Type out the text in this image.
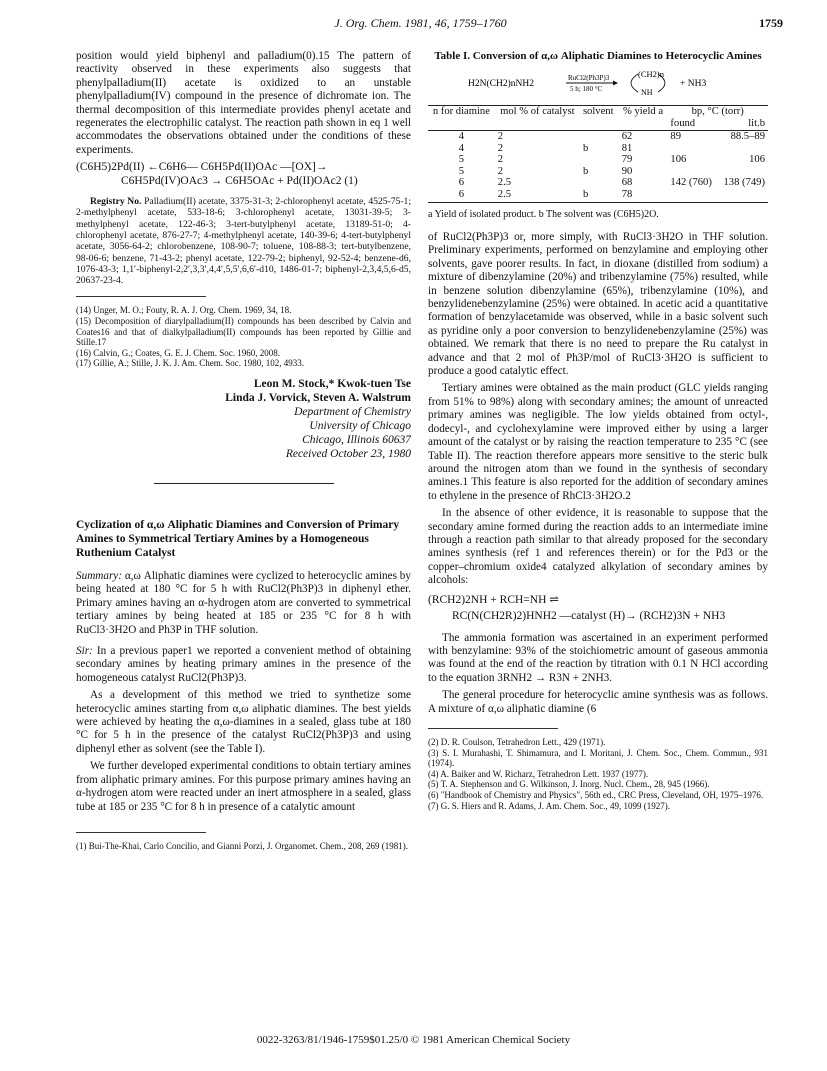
J. Org. Chem. 1981, 46, 1759–1760	1759

position would yield biphenyl and palladium(0).15 The pattern of reactivity observed in these experiments also suggests that phenylpalladium(II) acetate is oxidized to an unstable phenylpalladium(IV) compound in the presence of dichromate ion. The thermal decomposition of this intermediate provides phenyl acetate and regenerates the electrophilic catalyst. The reaction path shown in eq 1 well accommodates the observations obtained under the conditions of these experiments.

(C6H5)2Pd(II) ←C6H6— C6H5Pd(II)OAc —[OX]→
C6H5Pd(IV)OAc3 → C6H5OAc + Pd(II)OAc2 (1)

Registry No. Palladium(II) acetate, 3375-31-3; 2-chlorophenyl acetate, 4525-75-1; 2-methylphenyl acetate, 533-18-6; 3-chlorophenyl acetate, 13031-39-5; 3-methylphenyl acetate, 122-46-3; 3-tert-butylphenyl acetate, 13189-51-0; 4-chlorophenyl acetate, 876-27-7; 4-methylphenyl acetate, 140-39-6; 4-tert-butylphenyl acetate, 3056-64-2; chlorobenzene, 108-90-7; toluene, 108-88-3; tert-butylbenzene, 98-06-6; benzene, 71-43-2; phenyl acetate, 122-79-2; biphenyl, 92-52-4; benzene-d6, 1076-43-3; 1,1′-biphenyl-2,2′,3,3′,4,4′,5,5′,6,6′-d10, 1486-01-7; biphenyl-2,3,4,5,6-d5, 20637-23-4.

(14) Unger, M. O.; Fouty, R. A. J. Org. Chem. 1969, 34, 18.

(15) Decomposition of diarylpalladium(II) compounds has been described by Calvin and Coates16 and that of dialkylpalladium(II) compounds has been reported by Gillie and Stille.17

(16) Calvin, G.; Coates, G. E. J. Chem. Soc. 1960, 2008.

(17) Gillie, A.; Stille, J. K. J. Am. Chem. Soc. 1980, 102, 4933.

Leon M. Stock,* Kwok-tuen Tse
Linda J. Vorvick, Steven A. Walstrum
Department of Chemistry
University of Chicago
Chicago, Illinois 60637
Received October 23, 1980
Cyclization of α,ω Aliphatic Diamines and Conversion of Primary Amines to Symmetrical Tertiary Amines by a Homogeneous Ruthenium Catalyst

Summary: α,ω Aliphatic diamines were cyclized to heterocyclic amines by being heated at 180 °C for 5 h with RuCl2(Ph3P)3 in diphenyl ether. Primary amines having an α-hydrogen atom are converted to symmetrical tertiary amines by being heated at 185 or 235 °C for 8 h with RuCl3·3H2O and Ph3P in THF solution.

Sir: In a previous paper1 we reported a convenient method of obtaining secondary amines by heating primary amines in the presence of the homogeneous catalyst RuCl2(Ph3P)3.

As a development of this method we tried to synthetize some heterocyclic amines starting from α,ω aliphatic diamines. The best yields were achieved by heating the α,ω-diamines in a sealed, glass tube at 180 °C for 5 h in the presence of the catalyst RuCl2(Ph3P)3 and using diphenyl ether as solvent (see the Table I).

We further developed experimental conditions to obtain tertiary amines from aliphatic primary amines. For this purpose primary amines having an α-hydrogen atom were reacted under an inert atmosphere in a sealed, glass tube at 185 or 235 °C for 8 h in presence of a catalytic amount

(1) Bui-The-Khai, Carlo Concilio, and Gianni Porzi, J. Organomet. Chem., 208, 269 (1981).
Table I. Conversion of α,ω Aliphatic Diamines to Heterocyclic Amines
H2N(CH2)nNH2
RuCl2(Ph3P)3
5 h; 180 °C
(CH2)n
NH
+ NH3
n for diamine	mol % of catalyst	solvent	% yield a	bp, °C (torr)	
				found	lit.b
4	2		62	89	88.5–89
4	2	b	81		
5	2		79	106	106
5	2	b	90		
6	2.5		68	142 (760)	138 (749)
6	2.5	b	78		
a Yield of isolated product. b The solvent was (C6H5)2O.

of RuCl2(Ph3P)3 or, more simply, with RuCl3·3H2O in THF solution. Preliminary experiments, performed on benzylamine and employing other solvents, gave poorer results. In fact, in dioxane (distilled from sodium) a mixture of dibenzylamine (20%) and tribenzylamine (75%) resulted, while in benzene solution dibenzylamine (65%), tribenzylamine (10%), and benzylidenebenzylamine (25%) were obtained. In acetic acid a quantitative formation of benzylacetamide was observed, while in a basic solvent such as pyridine only a poor conversion to benzylidenebenzylamine (25%) was obtained. We remark that there is no need to prepare the Ru catalyst in advance and that 2 mol of Ph3P/mol of RuCl3·3H2O is sufficient to produce a good catalytic effect.

Tertiary amines were obtained as the main product (GLC yields ranging from 51% to 98%) along with secondary amines; the amount of unreacted primary amines was negligible. The low yields obtained from octyl-, dodecyl-, and cyclohexylamine were improved either by using a larger amount of the catalyst or by raising the reaction temperature to 235 °C (see Table II). The reaction therefore appears more sensitive to the steric bulk around the nitrogen atom than we found in the synthesis of secondary amines.1 This feature is also reported for the addition of secondary amines to ethylene in the presence of RhCl3·3H2O.2

In the absence of other evidence, it is reasonable to suppose that the secondary amine formed during the reaction adds to an intermediate imine through a reaction path similar to that already proposed for the secondary amines synthesis (ref 1 and references therein) or for the Pd3 or the copper–chromium oxide4 catalyzed alkylation of secondary amines by alcohols:

(RCH2)2NH + RCH=NH ⇌
RC(N(CH2R)2)HNH2 —catalyst (H)→ (RCH2)3N + NH3

The ammonia formation was ascertained in an experiment performed with benzylamine: 93% of the stoichiometric amount of gaseous ammonia was found at the end of the reaction by titration with 0.1 N HCl according to the equation 3RNH2 → R3N + 2NH3.

The general procedure for heterocyclic amine synthesis was as follows. A mixture of α,ω aliphatic diamine (6

(2) D. R. Coulson, Tetrahedron Lett., 429 (1971).

(3) S. I. Murahashi, T. Shimamura, and I. Moritani, J. Chem. Soc., Chem. Commun., 931 (1974).

(4) A. Baiker and W. Richarz, Tetrahedron Lett. 1937 (1977).

(5) T. A. Stephenson and G. Wilkinson, J. Inorg. Nucl. Chem., 28, 945 (1966).

(6) "Handbook of Chemistry and Physics", 56th ed., CRC Press, Cleveland, OH, 1975–1976.

(7) G. S. Hiers and R. Adams, J. Am. Chem. Soc., 49, 1099 (1927).

0022-3263/81/1946-1759$01.25/0 © 1981 American Chemical Society
